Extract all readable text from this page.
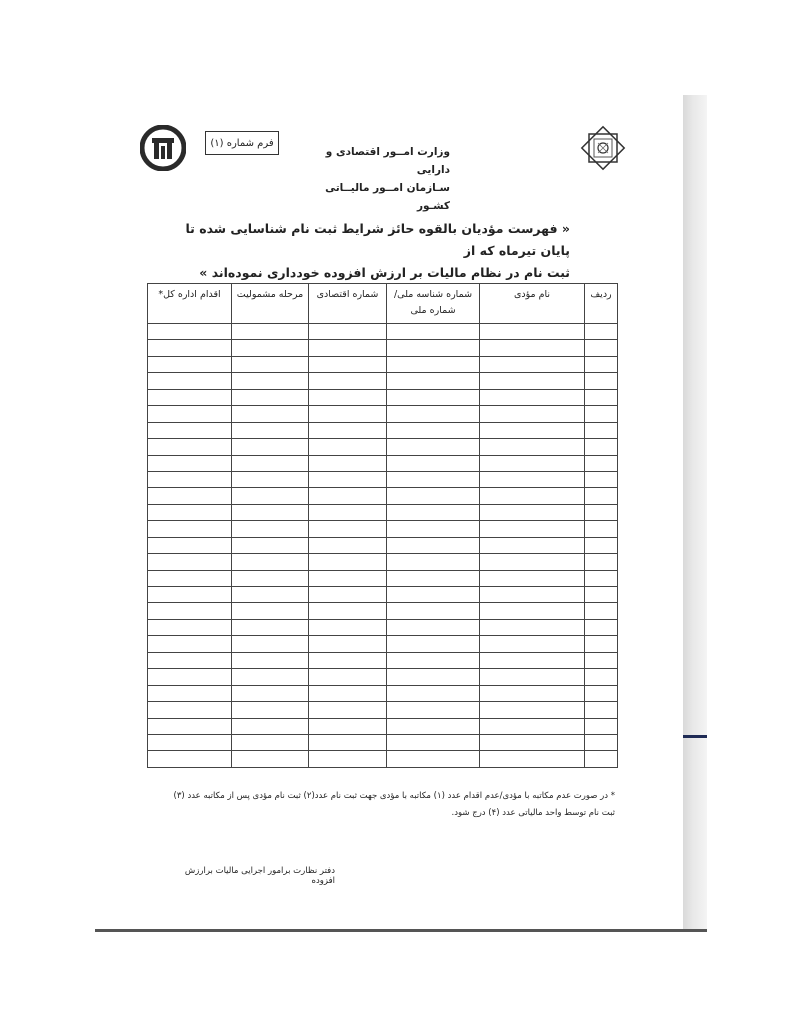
فرم شماره (۱)
وزارت امــور اقتصادی و دارایی
سـازمان امــور مالیــاتی کشـور
« فهرست مؤدیان بالقوه حائز شرایط ثبت نام شناسایی شده تا پایان تیرماه که از
ثبت نام در نظام مالیات بر ارزش افزوده خودداری نموده‌اند »
ردیف	نام مؤدی	شماره شناسه ملی/ شماره ملی	شماره اقتصادی	مرحله مشمولیت	اقدام اداره کل*

* در صورت عدم مکاتبه با مؤدی/عدم اقدام عدد (۱) مکاتبه با مؤدی جهت ثبت نام عدد(۲) ثبت نام مؤدی پس از مکاتبه عدد (۳)
ثبت نام توسط واحد مالیاتی عدد (۴) درج شود.
دفتر نظارت برامور اجرایی مالیات برارزش افزوده
